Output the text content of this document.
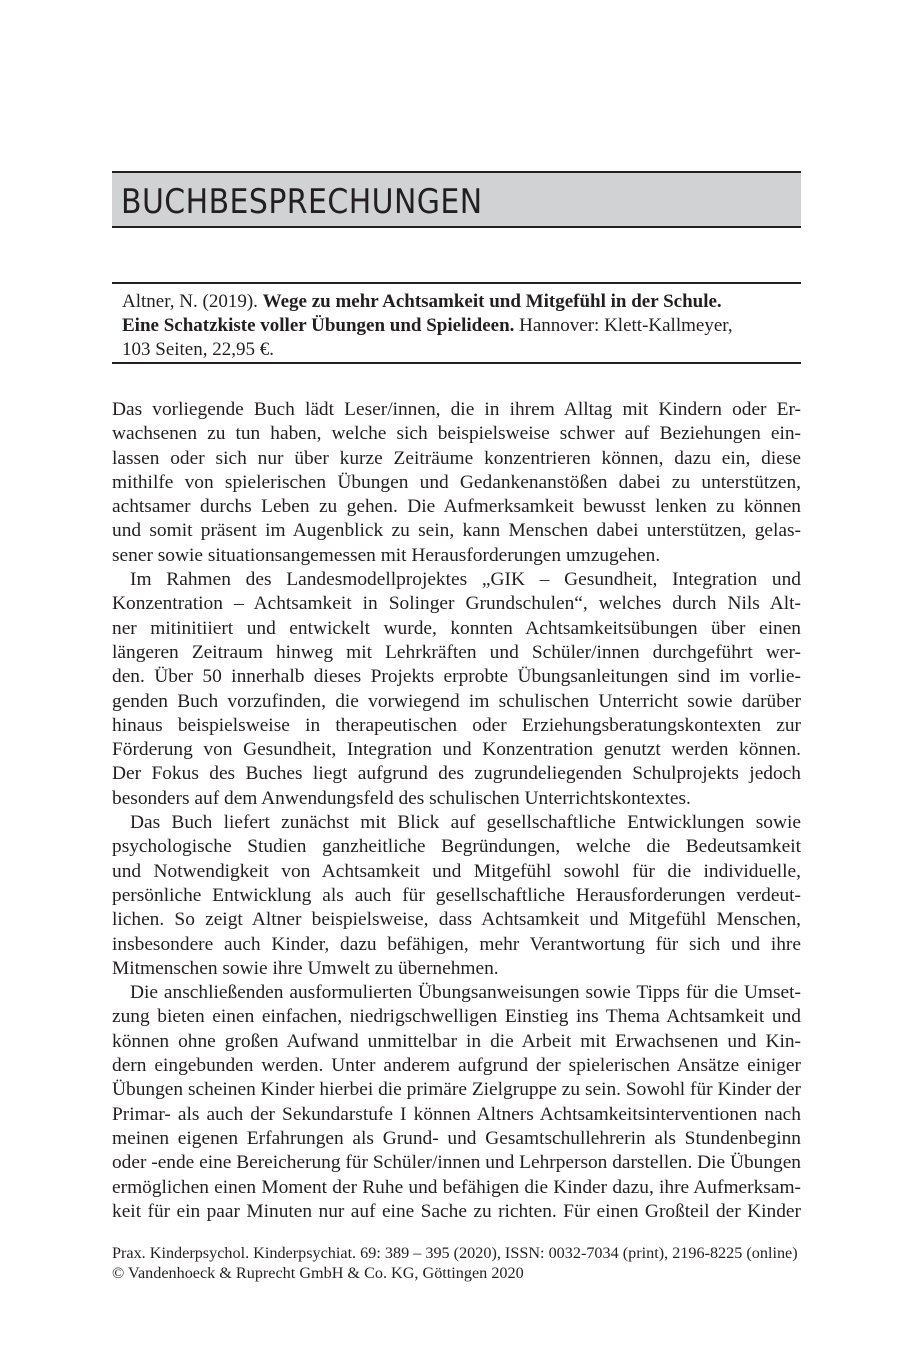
BUCHBESPRECHUNGEN
Altner, N. (2019). Wege zu mehr Achtsamkeit und Mitgefühl in der Schule.
Eine Schatzkiste voller Übungen und Spielideen. Hannover: Klett-Kallmeyer,
103 Seiten, 22,95 €.
Das vorliegende Buch lädt Leser/innen, die in ihrem Alltag mit Kindern oder Er-
wachsenen zu tun haben, welche sich beispielsweise schwer auf Beziehungen ein-
lassen oder sich nur über kurze Zeiträume konzentrieren können, dazu ein, diese
mithilfe von spielerischen Übungen und Gedankenanstößen dabei zu unterstützen,
achtsamer durchs Leben zu gehen. Die Aufmerksamkeit bewusst lenken zu können
und somit präsent im Augenblick zu sein, kann Menschen dabei unterstützen, gelas-
sener sowie situationsangemessen mit Herausforderungen umzugehen.
Im Rahmen des Landesmodellprojektes „GIK – Gesundheit, Integration und
Konzentration – Achtsamkeit in Solinger Grundschulen“, welches durch Nils Alt-
ner mitinitiiert und entwickelt wurde, konnten Achtsamkeitsübungen über einen
längeren Zeitraum hinweg mit Lehrkräften und Schüler/innen durchgeführt wer-
den. Über 50 innerhalb dieses Projekts erprobte Übungsanleitungen sind im vorlie-
genden Buch vorzufinden, die vorwiegend im schulischen Unterricht sowie darüber
hinaus beispielsweise in therapeutischen oder Erziehungsberatungskontexten zur
Förderung von Gesundheit, Integration und Konzentration genutzt werden können.
Der Fokus des Buches liegt aufgrund des zugrundeliegenden Schulprojekts jedoch
besonders auf dem Anwendungsfeld des schulischen Unterrichtskontextes.
Das Buch liefert zunächst mit Blick auf gesellschaftliche Entwicklungen sowie
psychologische Studien ganzheitliche Begründungen, welche die Bedeutsamkeit
und Notwendigkeit von Achtsamkeit und Mitgefühl sowohl für die individuelle,
persönliche Entwicklung als auch für gesellschaftliche Herausforderungen verdeut-
lichen. So zeigt Altner beispielsweise, dass Achtsamkeit und Mitgefühl Menschen,
insbesondere auch Kinder, dazu befähigen, mehr Verantwortung für sich und ihre
Mitmenschen sowie ihre Umwelt zu übernehmen.
Die anschließenden ausformulierten Übungsanweisungen sowie Tipps für die Umset-
zung bieten einen einfachen, niedrigschwelligen Einstieg ins Thema Achtsamkeit und
können ohne großen Aufwand unmittelbar in die Arbeit mit Erwachsenen und Kin-
dern eingebunden werden. Unter anderem aufgrund der spielerischen Ansätze einiger
Übungen scheinen Kinder hierbei die primäre Zielgruppe zu sein. Sowohl für Kinder der
Primar- als auch der Sekundarstufe I können Altners Achtsamkeitsinterventionen nach
meinen eigenen Erfahrungen als Grund- und Gesamtschullehrerin als Stundenbeginn
oder -ende eine Bereicherung für Schüler/innen und Lehrperson darstellen. Die Übungen
ermöglichen einen Moment der Ruhe und befähigen die Kinder dazu, ihre Aufmerksam-
keit für ein paar Minuten nur auf eine Sache zu richten. Für einen Großteil der Kinder
Prax. Kinderpsychol. Kinderpsychiat. 69: 389 – 395 (2020), ISSN: 0032-7034 (print), 2196-8225 (online)
© Vandenhoeck & Ruprecht GmbH & Co. KG, Göttingen 2020
